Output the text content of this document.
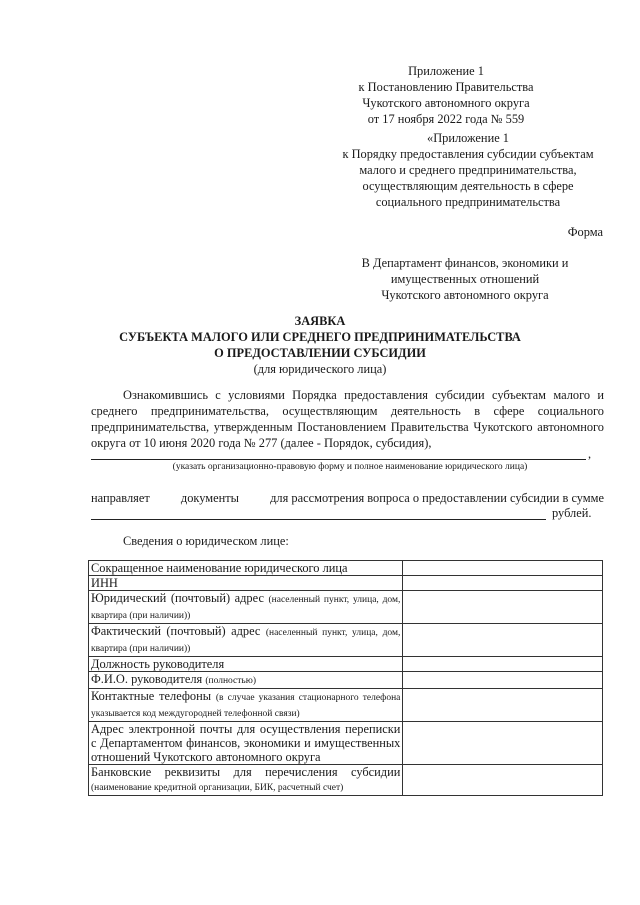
Приложение 1
к Постановлению Правительства
Чукотского автономного округа
от 17 ноября 2022 года № 559
«Приложение 1
к Порядку предоставления субсидии субъектам
малого и среднего предпринимательства,
осуществляющим деятельность в сфере
социального предпринимательства
Форма
В Департамент финансов, экономики и
имущественных отношений
Чукотского автономного округа
ЗАЯВКА
СУБЪЕКТА МАЛОГО ИЛИ СРЕДНЕГО ПРЕДПРИНИМАТЕЛЬСТВА
О ПРЕДОСТАВЛЕНИИ СУБСИДИИ
(для юридического лица)
Ознакомившись с условиями Порядка предоставления субсидии субъектам малого и среднего предпринимательства, осуществляющим деятельность в сфере социального предпринимательства, утвержденным Постановлением Правительства Чукотского автономного округа от 10 июня 2020 года № 277 (далее - Порядок, субсидия),
,
(указать организационно-правовую форму и полное наименование юридического лица)
направляет	документы	для рассмотрения вопроса о предоставлении субсидии в сумме
рублей.
Сведения о юридическом лице:
Сокращенное наименование юридического лица	
ИНН	
Юридический (почтовый) адрес (населенный пункт, улица, дом, квартира (при наличии))	
Фактический (почтовый) адрес (населенный пункт, улица, дом, квартира (при наличии))	
Должность руководителя	
Ф.И.О. руководителя (полностью)	
Контактные телефоны (в случае указания стационарного телефона указывается код междугородней телефонной связи)	
Адрес электронной почты для осуществления переписки с Департаментом финансов, экономики и имущественных отношений Чукотского автономного округа	
Банковские реквизиты для перечисления субсидии (наименование кредитной организации, БИК, расчетный счет)	
